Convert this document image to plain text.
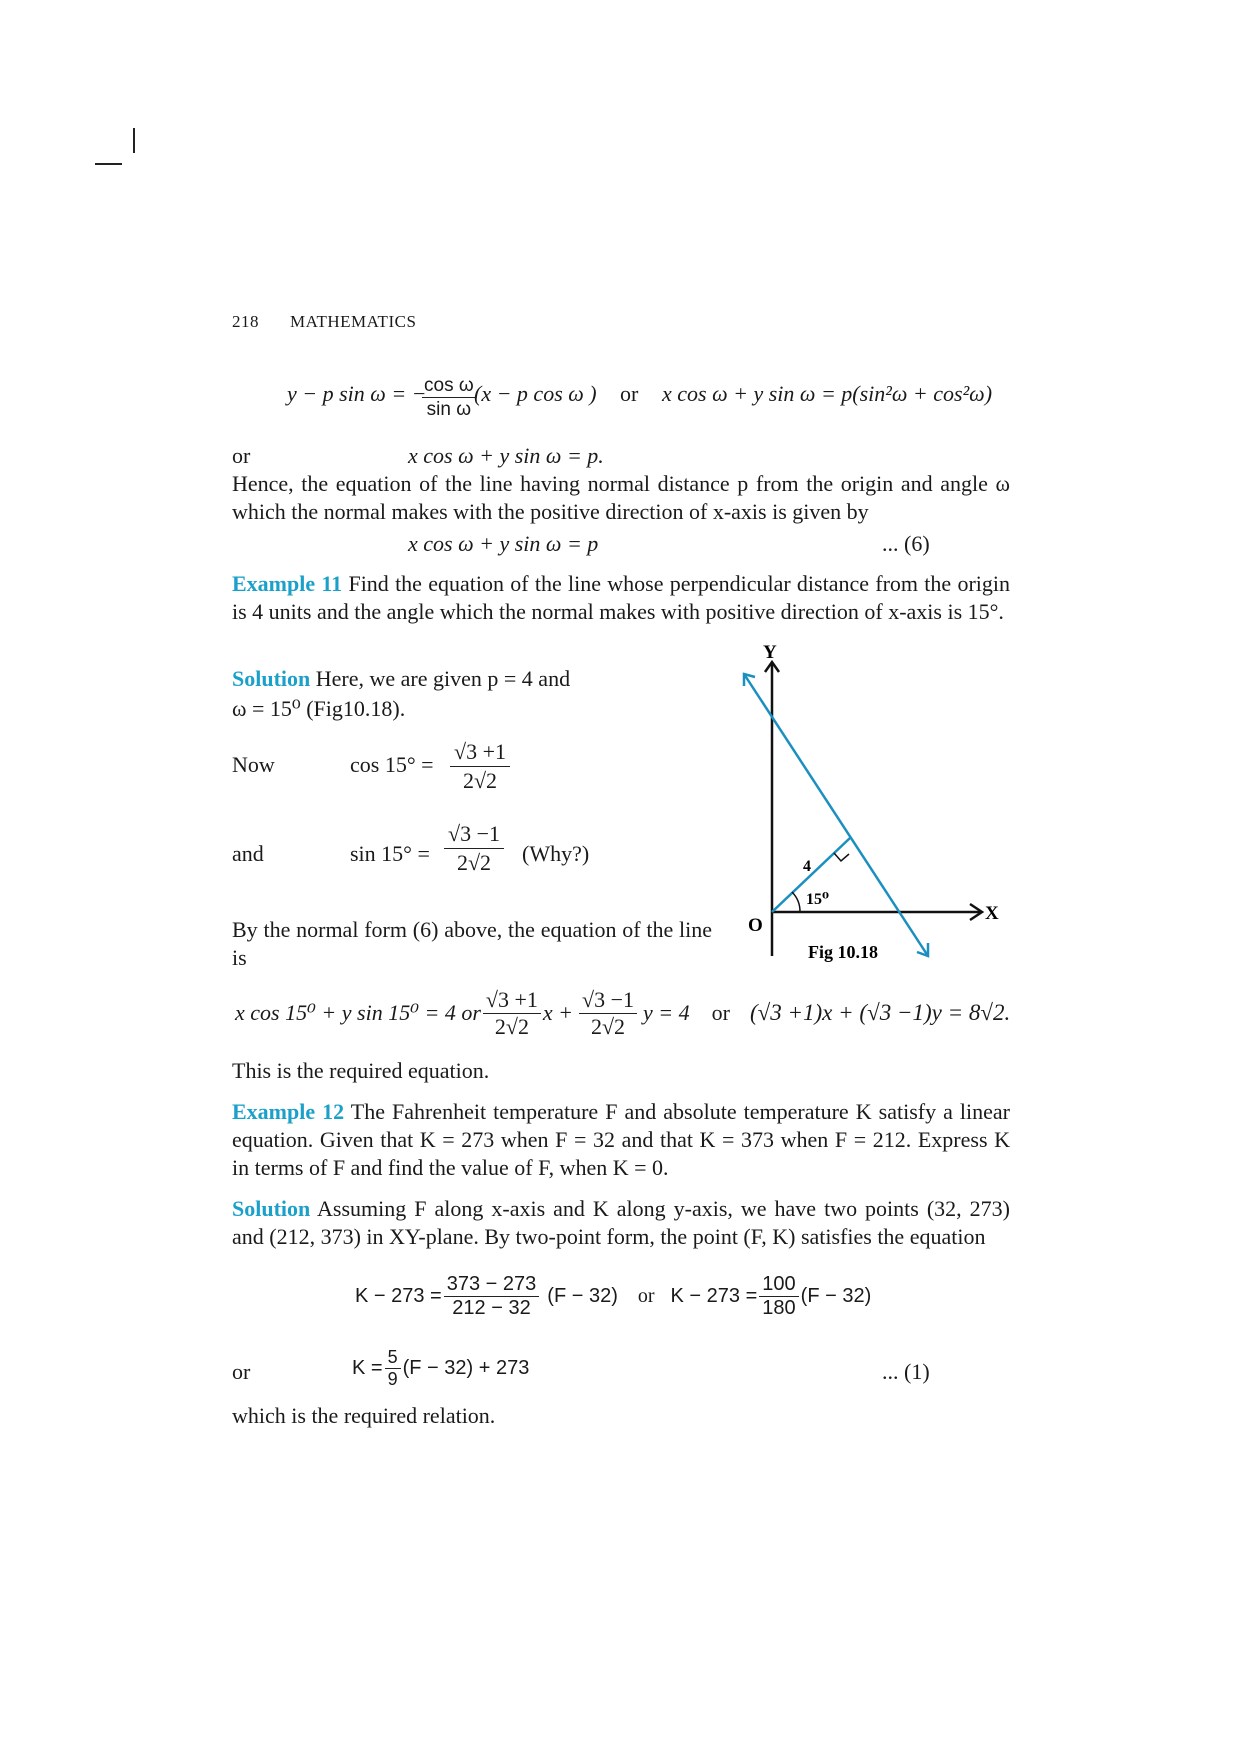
218 MATHEMATICS
y − p sin ω = −
$\frac{\text{cos ω}}{\text{sin ω}}$
(x − p cos ω ) or x cos ω + y sin ω = p(sin²ω + cos²ω)
or	x cos ω + y sin ω = p.
Hence, the equation of the line having normal distance p from the origin and angle ω which the normal makes with the positive direction of x-axis is given by
x cos ω + y sin ω = p	... (6)
Example 11 Find the equation of the line whose perpendicular distance from the origin is 4 units and the angle which the normal makes with positive direction of x-axis is 15°.
Solution Here, we are given p = 4 and
ω = 15⁰ (Fig10.18).
Now	$\cos 15^\circ = \frac{√3 +1}{2√2}$
and	$\sin 15^\circ = \frac{√3 -1}{2√2}$ (Why?)
By the normal form (6) above, the equation of the line is
Y
X
O
4
15⁰
Fig 10.18
x cos 15⁰ + y sin 15⁰ = 4 or $\frac{√3 +1}{2√2}$ $x + \frac{√3 -1}{2√2}$ y = 4 or (√3 +1)x + (√3 −1)y = 8√2.
This is the required equation.
Example 12 The Fahrenheit temperature F and absolute temperature K satisfy a linear equation. Given that K = 273 when F = 32 and that K = 373 when F = 212. Express K in terms of F and find the value of F, when K = 0.
Solution Assuming F along x-axis and K along y-axis, we have two points (32, 273) and (212, 373) in XY-plane. By two-point form, the point (F, K) satisfies the equation
$K - 273 = \frac{373 - 273}{212 - 32} (F - 32)$ or $K - 273 = \frac{100}{180} (F - 32)$
or	$K = \frac{5}{9} (F - 32) + 273$	... (1)
which is the required relation.
